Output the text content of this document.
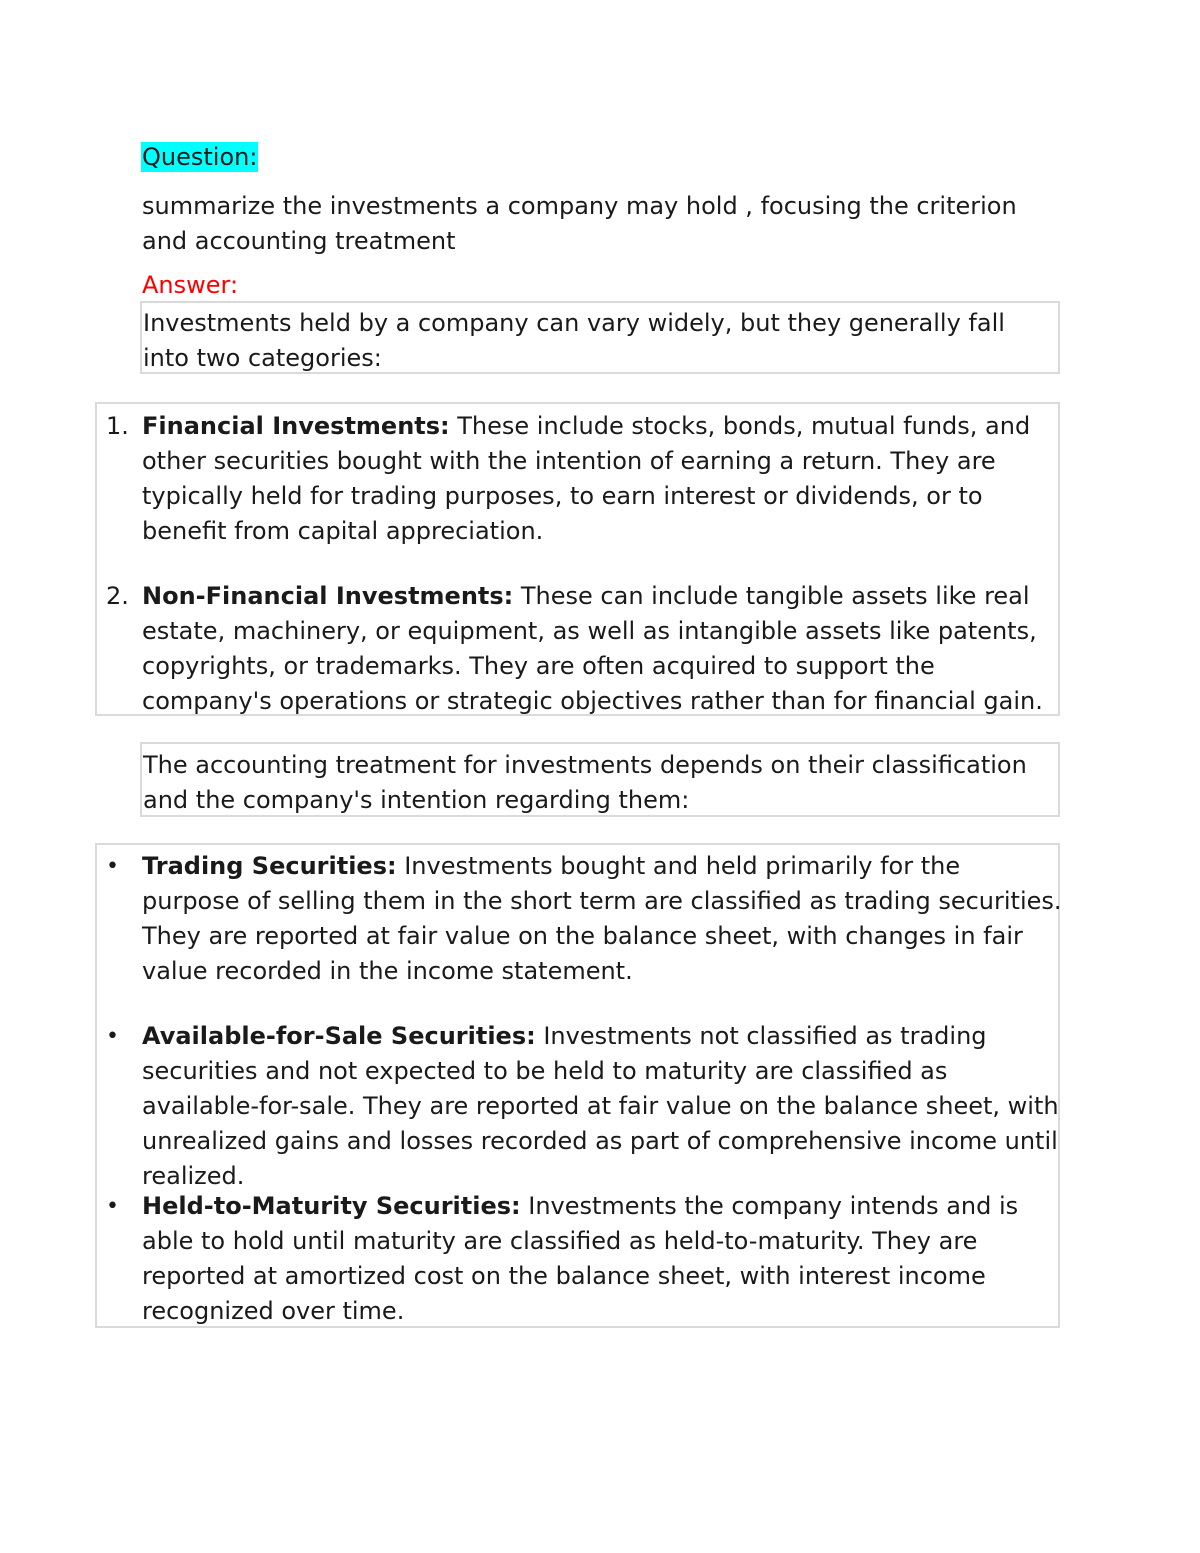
Question:
summarize the investments a company may hold , focusing the criterion and accounting treatment
Answer:
Investments held by a company can vary widely, but they generally fall into two categories:
1. Financial Investments: These include stocks, bonds, mutual funds, and other securities bought with the intention of earning a return. They are typically held for trading purposes, to earn interest or dividends, or to benefit from capital appreciation.
2. Non-Financial Investments: These can include tangible assets like real estate, machinery, or equipment, as well as intangible assets like patents, copyrights, or trademarks. They are often acquired to support the company's operations or strategic objectives rather than for financial gain.
The accounting treatment for investments depends on their classification and the company's intention regarding them:
• Trading Securities: Investments bought and held primarily for the purpose of selling them in the short term are classified as trading securities. They are reported at fair value on the balance sheet, with changes in fair value recorded in the income statement.
• Available-for-Sale Securities: Investments not classified as trading securities and not expected to be held to maturity are classified as available-for-sale. They are reported at fair value on the balance sheet, with unrealized gains and losses recorded as part of comprehensive income until realized.
• Held-to-Maturity Securities: Investments the company intends and is able to hold until maturity are classified as held-to-maturity. They are reported at amortized cost on the balance sheet, with interest income recognized over time.
